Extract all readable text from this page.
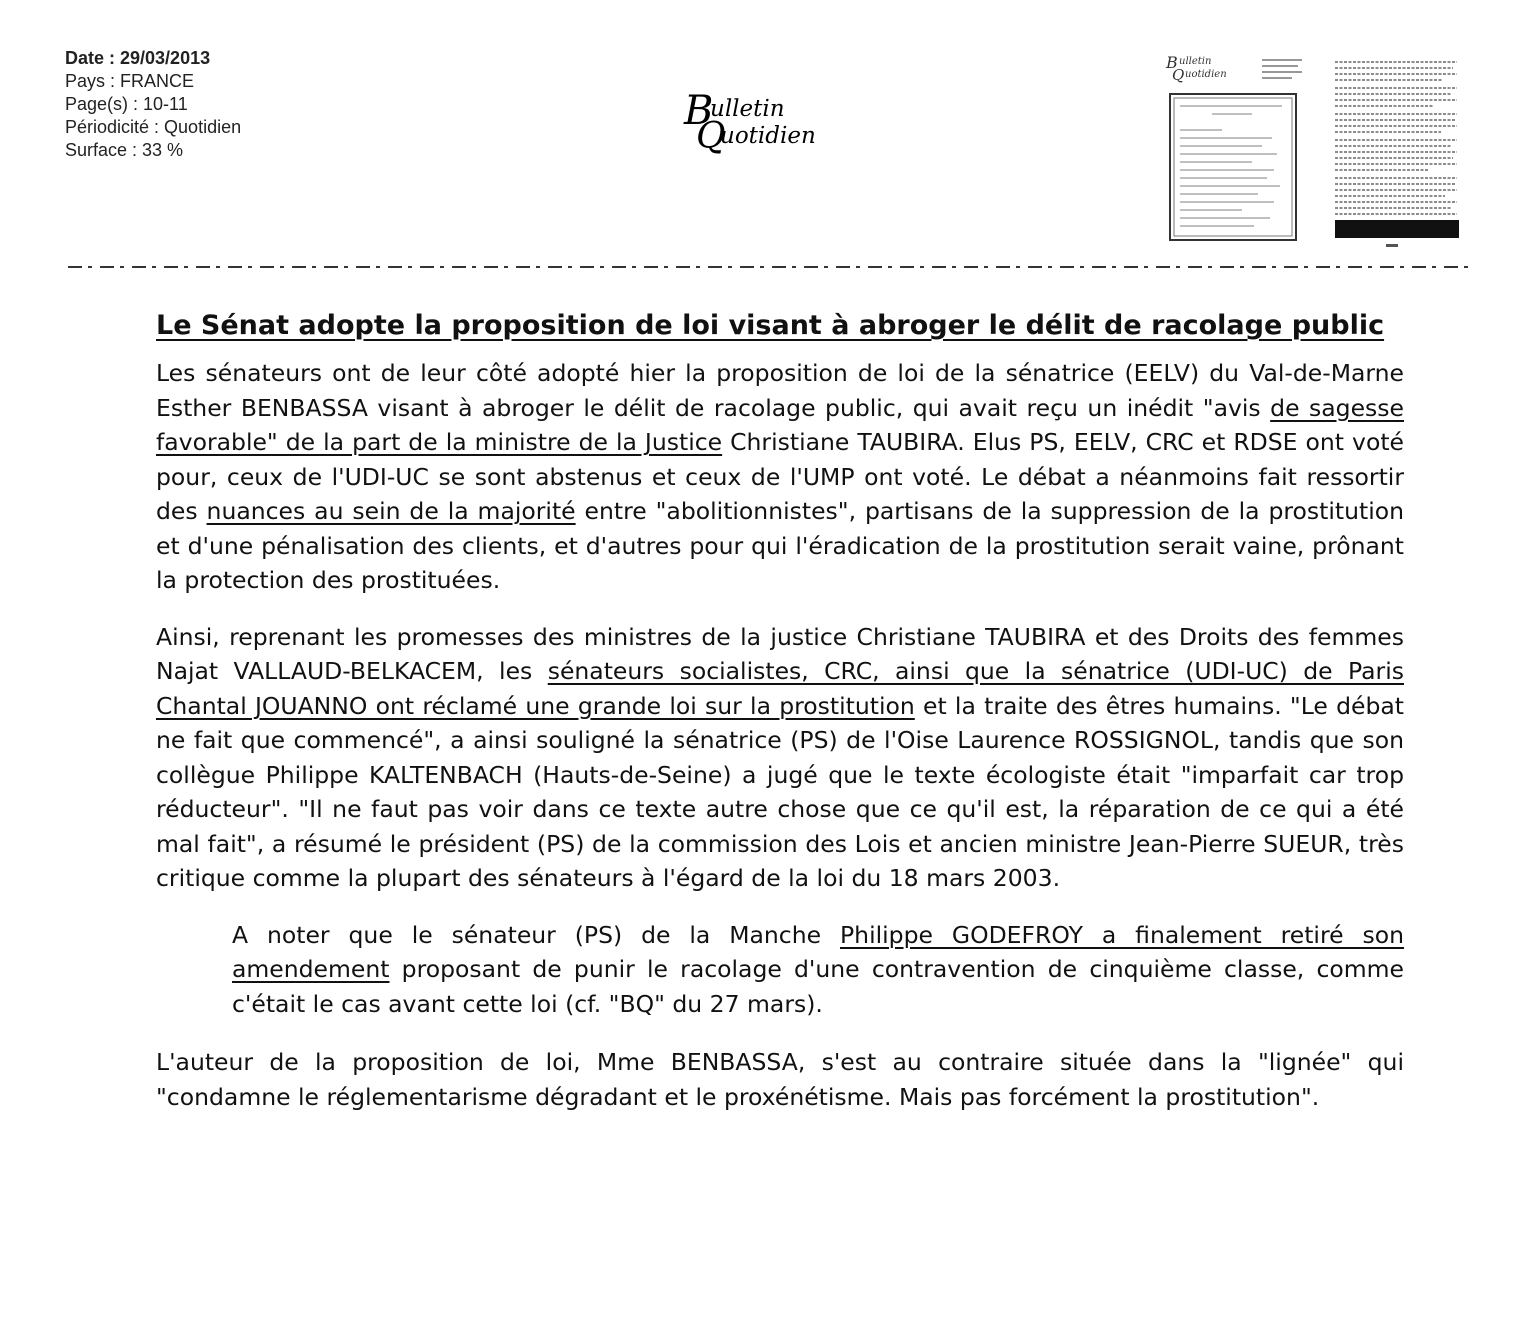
Date : 29/03/2013
Pays : FRANCE
Page(s) : 10-11
Périodicité : Quotidien
Surface : 33 %
B
ulletin
Q
uotidien
B ulletin
Q uotidien
Le Sénat adopte la proposition de loi visant à abroger le délit de racolage public

Les sénateurs ont de leur côté adopté hier la proposition de loi de la sénatrice (EELV) du Val-de-Marne Esther BENBASSA visant à abroger le délit de racolage public, qui avait reçu un inédit "avis de sagesse favorable" de la part de la ministre de la Justice Christiane TAUBIRA. Elus PS, EELV, CRC et RDSE ont voté pour, ceux de l'UDI-UC se sont abstenus et ceux de l'UMP ont voté. Le débat a néanmoins fait ressortir des nuances au sein de la majorité entre "abolitionnistes", partisans de la suppression de la prostitution et d'une pénalisation des clients, et d'autres pour qui l'éradication de la prostitution serait vaine, prônant la protection des prostituées.

Ainsi, reprenant les promesses des ministres de la justice Christiane TAUBIRA et des Droits des femmes Najat VALLAUD-BELKACEM, les sénateurs socialistes, CRC, ainsi que la sénatrice (UDI-UC) de Paris Chantal JOUANNO ont réclamé une grande loi sur la prostitution et la traite des êtres humains. "Le débat ne fait que commencé", a ainsi souligné la sénatrice (PS) de l'Oise Laurence ROSSIGNOL, tandis que son collègue Philippe KALTENBACH (Hauts-de-Seine) a jugé que le texte écologiste était "imparfait car trop réducteur". "Il ne faut pas voir dans ce texte autre chose que ce qu'il est, la réparation de ce qui a été mal fait", a résumé le président (PS) de la commission des Lois et ancien ministre Jean-Pierre SUEUR, très critique comme la plupart des sénateurs à l'égard de la loi du 18 mars 2003.

A noter que le sénateur (PS) de la Manche Philippe GODEFROY a finalement retiré son amendement proposant de punir le racolage d'une contravention de cinquième classe, comme c'était le cas avant cette loi (cf. "BQ" du 27 mars).

L'auteur de la proposition de loi, Mme BENBASSA, s'est au contraire située dans la "lignée" qui "condamne le réglementarisme dégradant et le proxénétisme. Mais pas forcément la prostitution".
